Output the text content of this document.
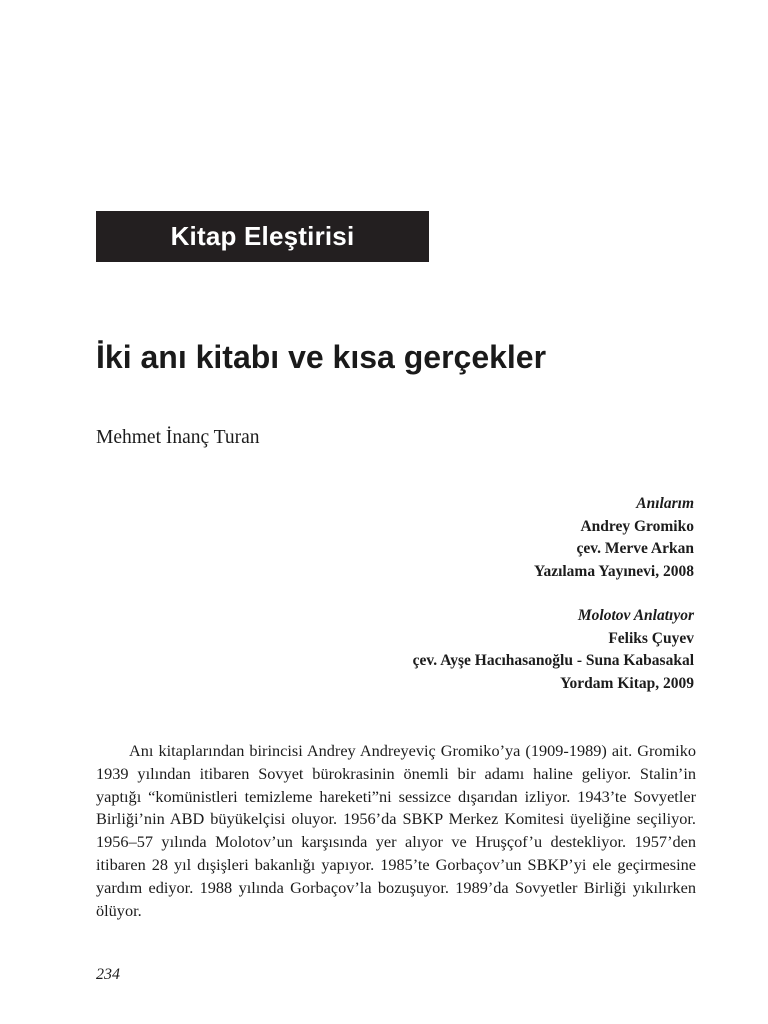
Kitap Eleştirisi
İki anı kitabı ve kısa gerçekler
Mehmet İnanç Turan
Anılarım
Andrey Gromiko
çev. Merve Arkan
Yazılama Yayınevi, 2008
Molotov Anlatıyor
Feliks Çuyev
çev. Ayşe Hacıhasanoğlu - Suna Kabasakal
Yordam Kitap, 2009

Anı kitaplarından birincisi Andrey Andreyeviç Gromiko’ya (1909-1989) ait. Gromiko 1939 yılından itibaren Sovyet bürokrasinin önemli bir adamı haline geliyor. Stalin’in yaptığı “komünistleri temizleme hareketi”ni sessizce dışarıdan izliyor. 1943’te Sovyetler Birliği’nin ABD büyükelçisi oluyor. 1956’da SBKP Merkez Komitesi üyeliğine seçiliyor. 1956–57 yılında Molotov’un karşısında yer alıyor ve Hruşçof’u destekliyor. 1957’den itibaren 28 yıl dışişleri bakanlığı yapıyor. 1985’te Gorbaçov’un SBKP’yi ele geçirmesine yardım ediyor. 1988 yılında Gorbaçov’la bozuşuyor. 1989’da Sovyetler Birliği yıkılırken ölüyor.

234
